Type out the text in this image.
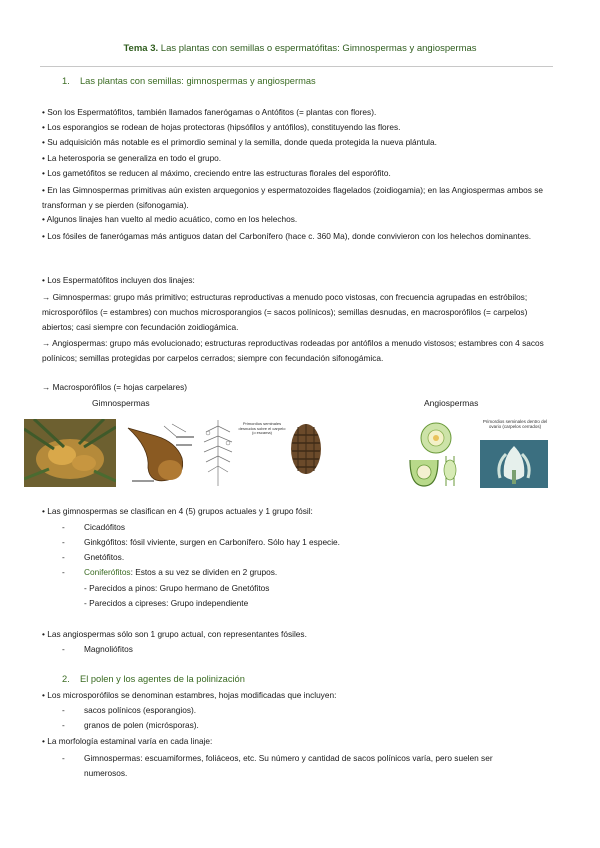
Tema 3. Las plantas con semillas o espermatófitas: Gimnospermas y angiospermas
1. Las plantas con semillas: gimnospermas y angiospermas
• Son los Espermatófitos, también llamados fanerógamas o Antófitos (= plantas con flores).
• Los esporangios se rodean de hojas protectoras (hipsófilos y antófilos), constituyendo las flores.
• Su adquisición más notable es el primordio seminal y la semilla, donde queda protegida la nueva plántula.
• La heterosporia se generaliza en todo el grupo.
• Los gametófitos se reducen al máximo, creciendo entre las estructuras florales del esporófito.
• En las Gimnospermas primitivas aún existen arquegonios y espermatozoides flagelados (zoidiogamia); en las Angiospermas ambos se transforman y se pierden (sifonogamia).
• Algunos linajes han vuelto al medio acuático, como en los helechos.
• Los fósiles de fanerógamas más antiguos datan del Carbonífero (hace c. 360 Ma), donde convivieron con los helechos dominantes.
• Los Espermatófitos incluyen dos linajes:
→ Gimnospermas: grupo más primitivo; estructuras reproductivas a menudo poco vistosas, con frecuencia agrupadas en estróbilos; microsporófilos (= estambres) con muchos microsporangios (= sacos polínicos); semillas desnudas, en macrosporófilos (= carpelos) abiertos; casi siempre con fecundación zoidiogámica.
→ Angiospermas: grupo más evolucionado; estructuras reproductivas rodeadas por antófilos a menudo vistosos; estambres con 4 sacos polínicos; semillas protegidas por carpelos cerrados; siempre con fecundación sifonogámica.
→ Macrosporófilos (= hojas carpelares)
Gimnospermas	Angiospermas
Primordios seminales desnudos sobre el carpelo (o escama)
Primordios seminales dentro del ovario (carpelos cerrados)
• Las gimnospermas se clasifican en 4 (5) grupos actuales y 1 grupo fósil:
- Cicadófitos
- Ginkgófitos: fósil viviente, surgen en Carbonífero. Sólo hay 1 especie.
- Gnetófitos.
- Coniferófitos: Estos a su vez se dividen en 2 grupos.
- Parecidos a pinos: Grupo hermano de Gnetófitos
- Parecidos a cipreses: Grupo independiente
• Las angiospermas sólo son 1 grupo actual, con representantes fósiles.
- Magnoliófitos
2. El polen y los agentes de la polinización
• Los microsporófilos se denominan estambres, hojas modificadas que incluyen:
- sacos polínicos (esporangios).
- granos de polen (micrósporas).
• La morfología estaminal varía en cada linaje:
-	Gimnospermas: escuamiformes, foliáceos, etc. Su número y cantidad de sacos polínicos varía, pero suelen ser numerosos.
